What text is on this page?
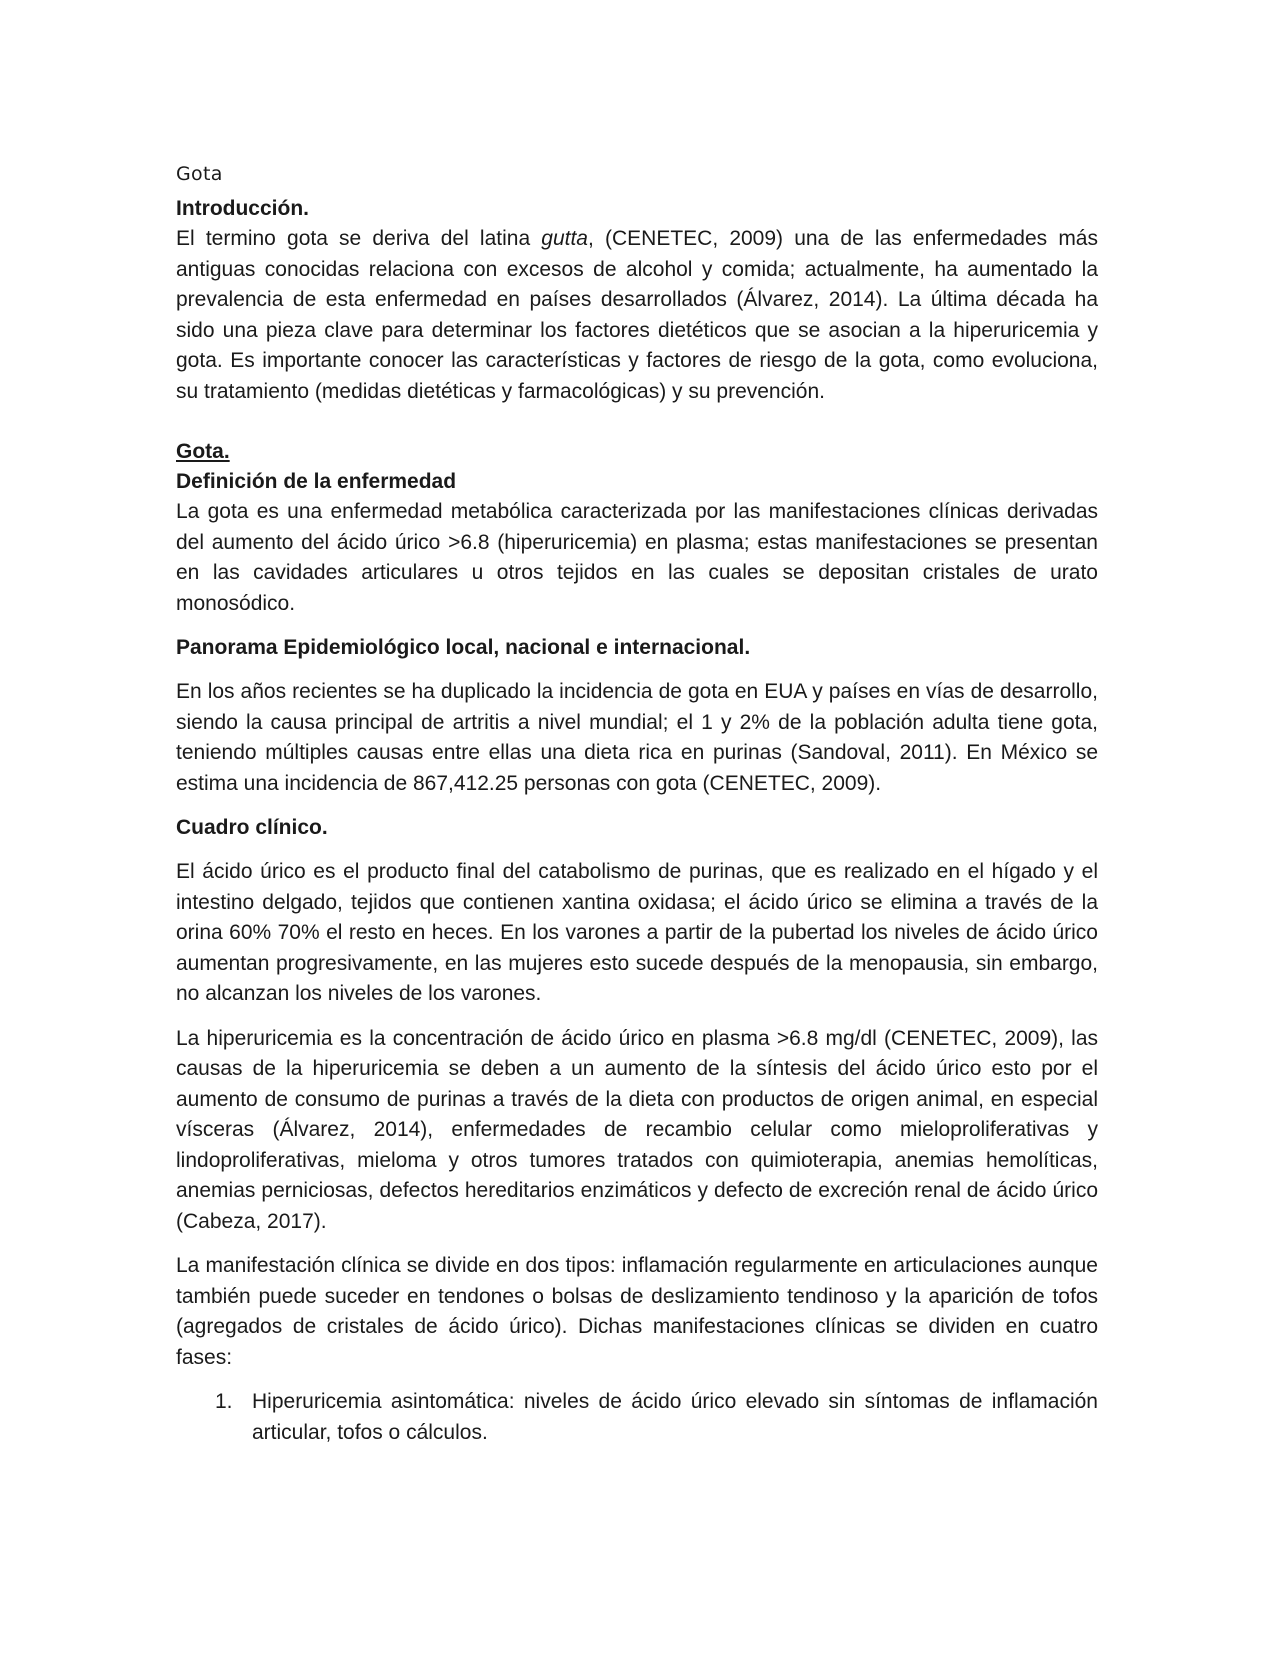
Gota
Introducción.

El termino gota se deriva del latina gutta, (CENETEC, 2009) una de las enfermedades más antiguas conocidas relaciona con excesos de alcohol y comida; actualmente, ha aumentado la prevalencia de esta enfermedad en países desarrollados (Álvarez, 2014). La última década ha sido una pieza clave para determinar los factores dietéticos que se asocian a la hiperuricemia y gota. Es importante conocer las características y factores de riesgo de la gota, como evoluciona, su tratamiento (medidas dietéticas y farmacológicas) y su prevención.

Gota.
Definición de la enfermedad

La gota es una enfermedad metabólica caracterizada por las manifestaciones clínicas derivadas del aumento del ácido úrico >6.8 (hiperuricemia) en plasma; estas manifestaciones se presentan en las cavidades articulares u otros tejidos en las cuales se depositan cristales de urato monosódico.

Panorama Epidemiológico local, nacional e internacional.

En los años recientes se ha duplicado la incidencia de gota en EUA y países en vías de desarrollo, siendo la causa principal de artritis a nivel mundial; el 1 y 2% de la población adulta tiene gota, teniendo múltiples causas entre ellas una dieta rica en purinas (Sandoval, 2011). En México se estima una incidencia de 867,412.25 personas con gota (CENETEC, 2009).

Cuadro clínico.

El ácido úrico es el producto final del catabolismo de purinas, que es realizado en el hígado y el intestino delgado, tejidos que contienen xantina oxidasa; el ácido úrico se elimina a través de la orina 60% 70% el resto en heces. En los varones a partir de la pubertad los niveles de ácido úrico aumentan progresivamente, en las mujeres esto sucede después de la menopausia, sin embargo, no alcanzan los niveles de los varones.

La hiperuricemia es la concentración de ácido úrico en plasma >6.8 mg/dl (CENETEC, 2009), las causas de la hiperuricemia se deben a un aumento de la síntesis del ácido úrico esto por el aumento de consumo de purinas a través de la dieta con productos de origen animal, en especial vísceras (Álvarez, 2014), enfermedades de recambio celular como mieloproliferativas y lindoproliferativas, mieloma y otros tumores tratados con quimioterapia, anemias hemolíticas, anemias perniciosas, defectos hereditarios enzimáticos y defecto de excreción renal de ácido úrico (Cabeza, 2017).

La manifestación clínica se divide en dos tipos: inflamación regularmente en articulaciones aunque también puede suceder en tendones o bolsas de deslizamiento tendinoso y la aparición de tofos (agregados de cristales de ácido úrico). Dichas manifestaciones clínicas se dividen en cuatro fases:

1. Hiperuricemia asintomática: niveles de ácido úrico elevado sin síntomas de inflamación articular, tofos o cálculos.
